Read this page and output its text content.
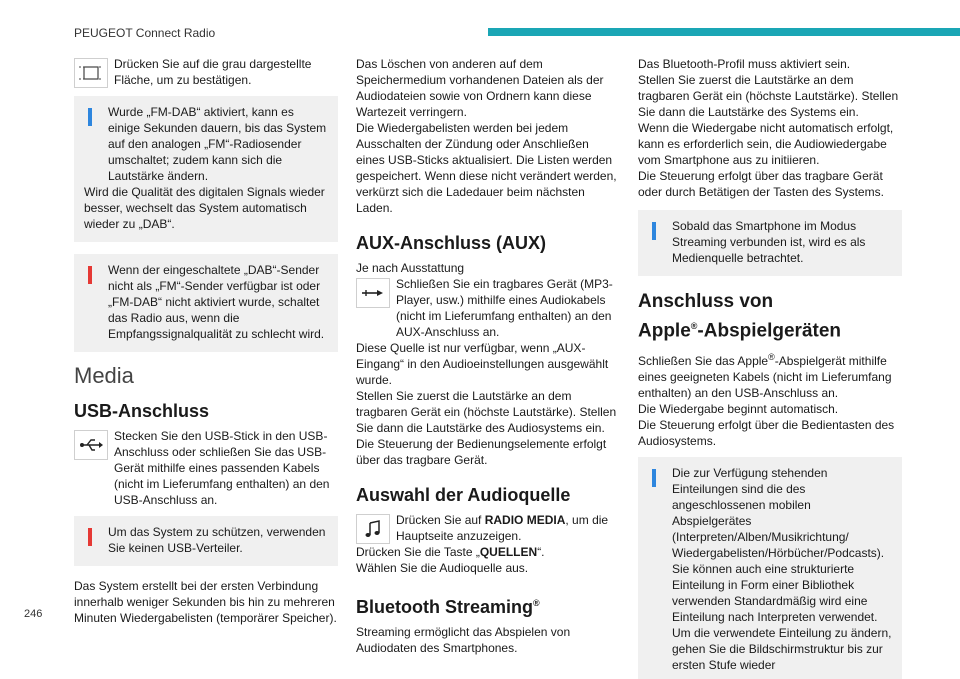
PEUGEOT Connect Radio

Drücken Sie auf die grau dargestellte Fläche, um zu bestätigen.

Wurde „FM-DAB“ aktiviert, kann es einige Sekunden dauern, bis das System auf den analogen „FM“-Radiosender umschaltet; zudem kann sich die Lautstärke ändern.

Wird die Qualität des digitalen Signals wieder besser, wechselt das System automatisch wieder zu „DAB“.

Wenn der eingeschaltete „DAB“-Sender nicht als „FM“-Sender verfügbar ist oder „FM-DAB“ nicht aktiviert wurde, schaltet das Radio aus, wenn die Empfangssignalqualität zu schlecht wird.

Media
USB-Anschluss

Stecken Sie den USB-Stick in den USB-Anschluss oder schließen Sie das USB-Gerät mithilfe eines passenden Kabels (nicht im Lieferumfang enthalten) an den USB-Anschluss an.

Um das System zu schützen, verwenden Sie keinen USB-Verteiler.

Das System erstellt bei der ersten Verbindung innerhalb weniger Sekunden bis hin zu mehreren Minuten Wiedergabelisten (temporärer Speicher).

Das Löschen von anderen auf dem Speichermedium vorhandenen Dateien als der Audiodateien sowie von Ordnern kann diese Wartezeit verringern.

Die Wiedergabelisten werden bei jedem Ausschalten der Zündung oder Anschließen eines USB-Sticks aktualisiert. Die Listen werden gespeichert. Wenn diese nicht verändert werden, verkürzt sich die Ladedauer beim nächsten Laden.

AUX-Anschluss (AUX)

Je nach Ausstattung

Schließen Sie ein tragbares Gerät (MP3-Player, usw.) mithilfe eines Audiokabels (nicht im Lieferumfang enthalten) an den AUX-Anschluss an.

Diese Quelle ist nur verfügbar, wenn „AUX-Eingang“ in den Audioeinstellungen ausgewählt wurde.

Stellen Sie zuerst die Lautstärke an dem tragbaren Gerät ein (höchste Lautstärke). Stellen Sie dann die Lautstärke des Audiosystems ein.

Die Steuerung der Bedienungselemente erfolgt über das tragbare Gerät.

Auswahl der Audioquelle

Drücken Sie auf RADIO MEDIA, um die Hauptseite anzuzeigen.

Drücken Sie die Taste „QUELLEN“.

Wählen Sie die Audioquelle aus.

Bluetooth Streaming®

Streaming ermöglicht das Abspielen von Audiodaten des Smartphones.

Das Bluetooth-Profil muss aktiviert sein.

Stellen Sie zuerst die Lautstärke an dem tragbaren Gerät ein (höchste Lautstärke). Stellen Sie dann die Lautstärke des Systems ein.

Wenn die Wiedergabe nicht automatisch erfolgt, kann es erforderlich sein, die Audiowiedergabe vom Smartphone aus zu initiieren.

Die Steuerung erfolgt über das tragbare Gerät oder durch Betätigen der Tasten des Systems.

Sobald das Smartphone im Modus Streaming verbunden ist, wird es als Medienquelle betrachtet.

Anschluss von
Apple®-Abspielgeräten

Schließen Sie das Apple®-Abspielgerät mithilfe eines geeigneten Kabels (nicht im Lieferumfang enthalten) an den USB-Anschluss an.

Die Wiedergabe beginnt automatisch.

Die Steuerung erfolgt über die Bedientasten des Audiosystems.

Die zur Verfügung stehenden Einteilungen sind die des angeschlossenen mobilen Abspielgerätes (Interpreten/Alben/Musikrichtung/ Wiedergabelisten/Hörbücher/Podcasts). Sie können auch eine strukturierte Einteilung in Form einer Bibliothek verwenden Standardmäßig wird eine Einteilung nach Interpreten verwendet. Um die verwendete Einteilung zu ändern, gehen Sie die Bildschirmstruktur bis zur ersten Stufe wieder

246
